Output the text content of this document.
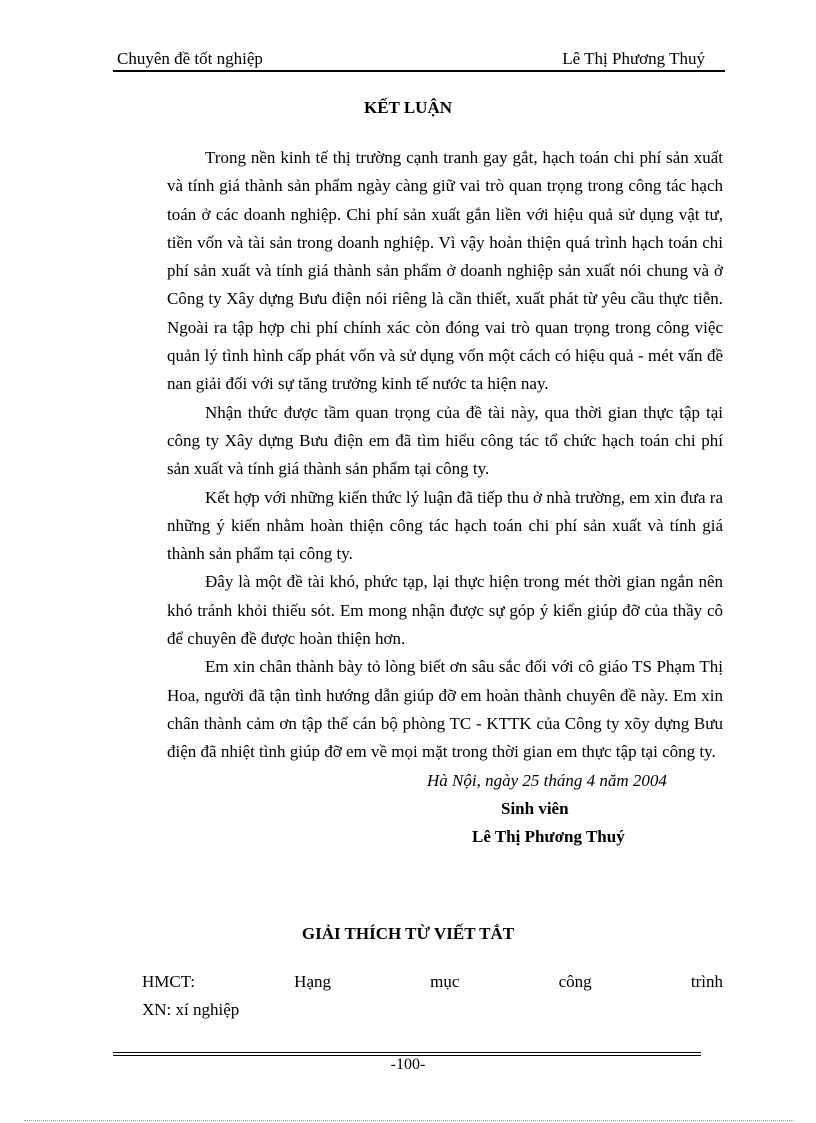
Chuyên đề tốt nghiệp	Lê Thị Phương Thuý
KẾT LUẬN

Trong nền kinh tế thị trường cạnh tranh gay gắt, hạch toán chi phí sản xuất và tính giá thành sản phẩm ngày càng giữ vai trò quan trọng trong công tác hạch toán ở các doanh nghiệp. Chi phí sản xuất gắn liền với hiệu quả sử dụng vật tư, tiền vốn và tài sản trong doanh nghiệp. Vì vậy hoàn thiện quá trình hạch toán chi phí sản xuất và tính giá thành sản phẩm ở doanh nghiệp sản xuất nói chung và ở Công ty Xây dựng Bưu điện nói riêng là cần thiết, xuất phát từ yêu cầu thực tiễn. Ngoài ra tập hợp chi phí chính xác còn đóng vai trò quan trọng trong công việc quản lý tình hình cấp phát vốn và sử dụng vốn một cách có hiệu quả - mét vấn đề nan giải đối với sự tăng trưởng kinh tế nước ta hiện nay.

Nhận thức được tầm quan trọng của đề tài này, qua thời gian thực tập tại công ty Xây dựng Bưu điện em đã tìm hiểu công tác tổ chức hạch toán chi phí sản xuất và tính giá thành sản phẩm tại công ty.

Kết hợp với những kiến thức lý luận đã tiếp thu ở nhà trường, em xin đưa ra những ý kiến nhằm hoàn thiện công tác hạch toán chi phí sản xuất và tính giá thành sản phẩm tại công ty.

Đây là một đề tài khó, phức tạp, lại thực hiện trong mét thời gian ngắn nên khó tránh khỏi thiếu sót. Em mong nhận được sự góp ý kiến giúp đỡ của thầy cô để chuyên đề được hoàn thiện hơn.

Em xin chân thành bày tỏ lòng biết ơn sâu sắc đối với cô giáo TS Phạm Thị Hoa, người đã tận tình hướng dẫn giúp đỡ em hoàn thành chuyên đề này. Em xin chân thành cảm ơn tập thể cán bộ phòng TC - KTTK của Công ty xõy dựng Bưu điện đã nhiệt tình giúp đỡ em về mọi mặt trong thời gian em thực tập tại công ty.

Hà Nội, ngày 25 tháng 4 năm 2004
Sinh viên
Lê Thị Phương Thuý
GIẢI THÍCH TỪ VIẾT TẮT
HMCT:	Hạng	mục	công	trình
XN: xí nghiệp
-100-
